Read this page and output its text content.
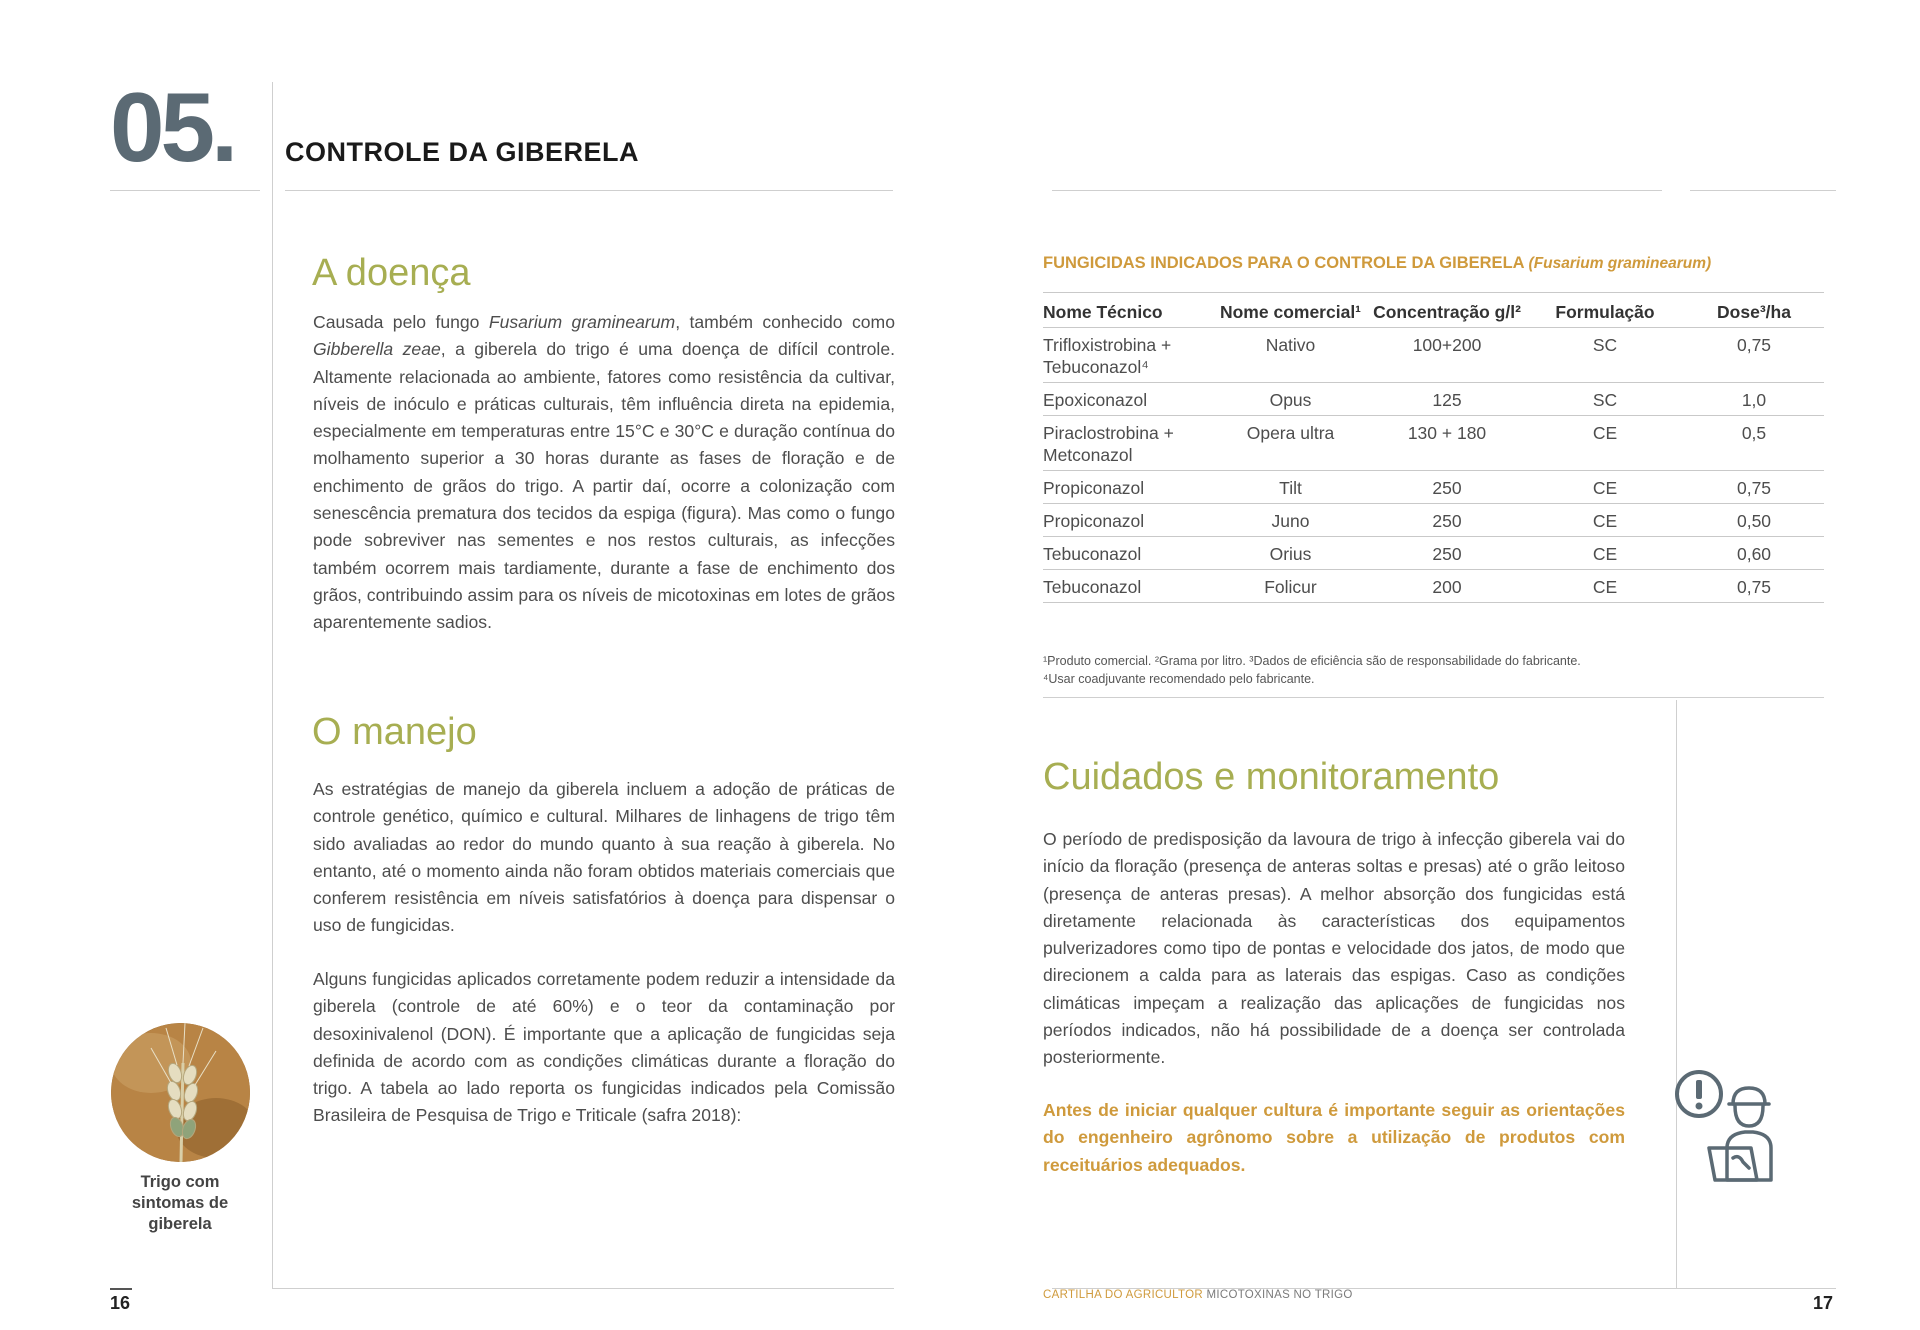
05. CONTROLE DA GIBERELA
A doença
Causada pelo fungo Fusarium graminearum, também conhecido como Gibberella zeae, a giberela do trigo é uma doença de difícil controle. Altamente relacionada ao ambiente, fatores como resistência da cultivar, níveis de inóculo e práticas culturais, têm influência direta na epidemia, especialmente em temperaturas entre 15°C e 30°C e duração contínua do molhamento superior a 30 horas durante as fases de floração e de enchimento de grãos do trigo. A partir daí, ocorre a colonização com senescência prematura dos tecidos da espiga (figura). Mas como o fungo pode sobreviver nas sementes e nos restos culturais, as infecções também ocorrem mais tardiamente, durante a fase de enchimento dos grãos, contribuindo assim para os níveis de micotoxinas em lotes de grãos aparentemente sadios.
O manejo
As estratégias de manejo da giberela incluem a adoção de práticas de controle genético, químico e cultural. Milhares de linhagens de trigo têm sido avaliadas ao redor do mundo quanto à sua reação à giberela. No entanto, até o momento ainda não foram obtidos materiais comerciais que conferem resistência em níveis satisfatórios à doença para dispensar o uso de fungicidas.
Alguns fungicidas aplicados corretamente podem reduzir a intensidade da giberela (controle de até 60%) e o teor da contaminação por desoxinivalenol (DON). É importante que a aplicação de fungicidas seja definida de acordo com as condições climáticas durante a floração do trigo. A tabela ao lado reporta os fungicidas indicados pela Comissão Brasileira de Pesquisa de Trigo e Triticale (safra 2018):
Trigo com sintomas de giberela
FUNGICIDAS INDICADOS PARA O CONTROLE DA GIBERELA (Fusarium graminearum)
Nome Técnico	Nome comercial¹	Concentração g/l²	Formulação	Dose³/ha
Trifloxistrobina + Tebuconazol⁴	Nativo	100+200	SC	0,75
Epoxiconazol	Opus	125	SC	1,0
Piraclostrobina + Metconazol	Opera ultra	130 + 180	CE	0,5
Propiconazol	Tilt	250	CE	0,75
Propiconazol	Juno	250	CE	0,50
Tebuconazol	Orius	250	CE	0,60
Tebuconazol	Folicur	200	CE	0,75
¹Produto comercial. ²Grama por litro. ³Dados de eficiência são de responsabilidade do fabricante.
⁴Usar coadjuvante recomendado pelo fabricante.
Cuidados e monitoramento
O período de predisposição da lavoura de trigo à infecção giberela vai do início da floração (presença de anteras soltas e presas) até o grão leitoso (presença de anteras presas). A melhor absorção dos fungicidas está diretamente relacionada às características dos equipamentos pulverizadores como tipo de pontas e velocidade dos jatos, de modo que direcionem a calda para as laterais das espigas. Caso as condições climáticas impeçam a realização das aplicações de fungicidas nos períodos indicados, não há possibilidade de a doença ser controlada posteriormente.
Antes de iniciar qualquer cultura é importante seguir as orientações do engenheiro agrônomo sobre a utilização de produtos com receituários adequados.
16	17
CARTILHA DO AGRICULTOR MICOTOXINAS NO TRIGO
